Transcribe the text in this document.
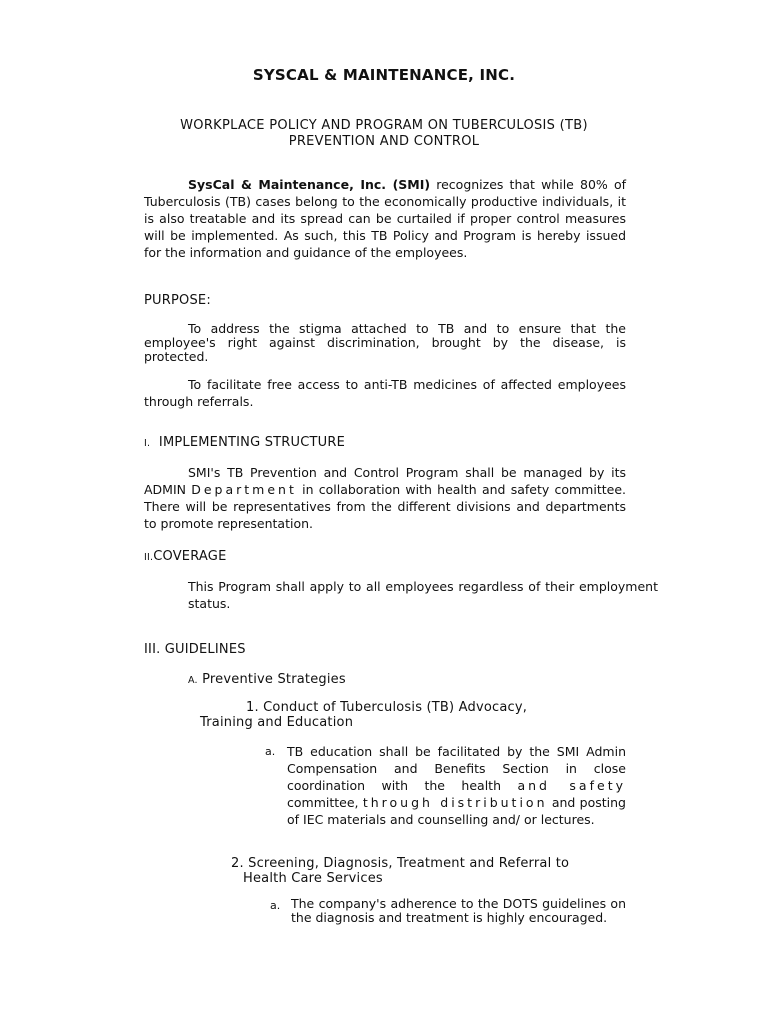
SYSCAL & MAINTENANCE, INC.

WORKPLACE POLICY AND PROGRAM ON TUBERCULOSIS (TB)
PREVENTION AND CONTROL

SysCal & Maintenance, Inc. (SMI) recognizes that while 80% of Tuberculosis (TB) cases belong to the economically productive individuals, it is also treatable and its spread can be curtailed if proper control measures will be implemented. As such, this TB Policy and Program is hereby issued for the information and guidance of the employees.

PURPOSE:

To address the stigma attached to TB and to ensure that the employee's right against discrimination, brought by the disease, is protected.

To facilitate free access to anti-TB medicines of affected employees through referrals.

I. IMPLEMENTING STRUCTURE

SMI's TB Prevention and Control Program shall be managed by its ADMIN Department in collaboration with health and safety committee. There will be representatives from the different divisions and departments to promote representation.

II.COVERAGE

This Program shall apply to all employees regardless of their employment status.

III. GUIDELINES

A. Preventive Strategies

1. Conduct of Tuberculosis (TB) Advocacy,
Training and Education
a. TB education shall be facilitated by the SMI Admin Compensation and Benefits Section in close coordination with the health and safety committee, through distribution and posting of IEC materials and counselling and/ or lectures.

2. Screening, Diagnosis, Treatment and Referral to
Health Care Services
a. The company's adherence to the DOTS guidelines on the diagnosis and treatment is highly encouraged.
